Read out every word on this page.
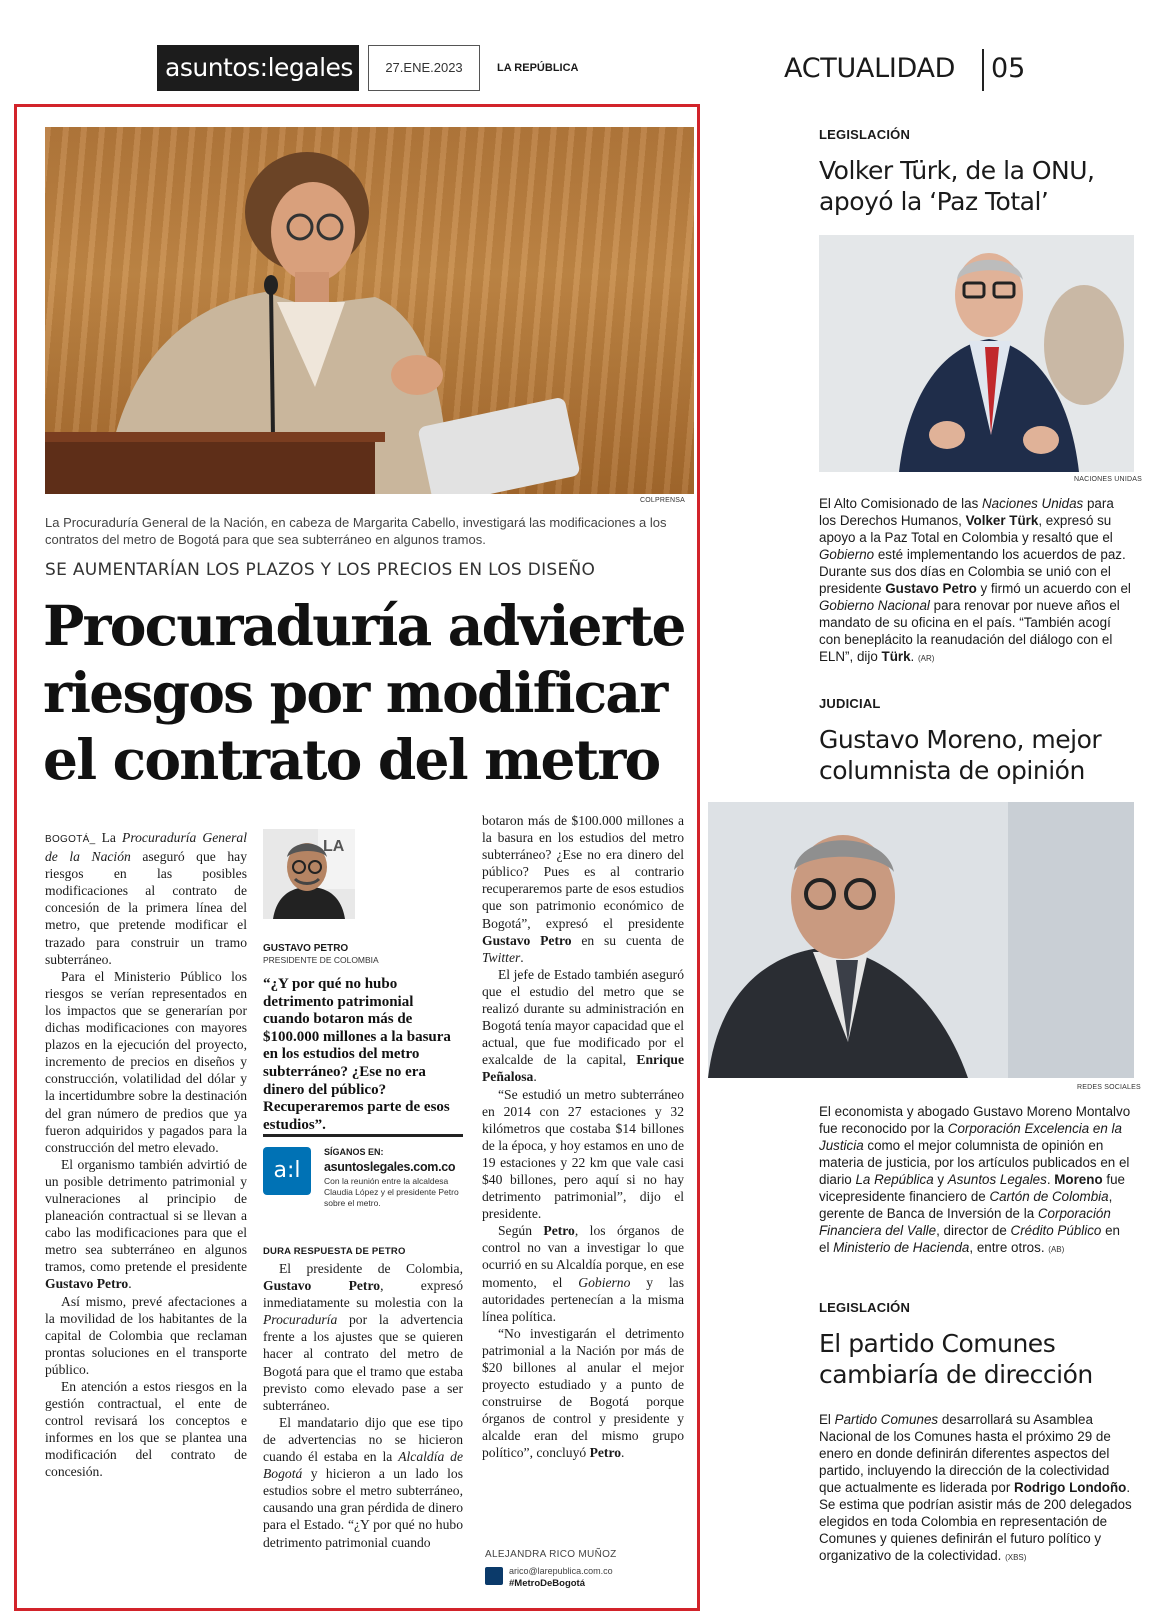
asuntos:legales	27.ENE.2023	LA REPÚBLICA	ACTUALIDAD 05
COLPRENSA
La Procuraduría General de la Nación, en cabeza de Margarita Cabello, investigará las modificaciones a los contratos del metro de Bogotá para que sea subterráneo en algunos tramos.
SE AUMENTARÍAN LOS PLAZOS Y LOS PRECIOS EN LOS DISEÑO
Procuraduría advierte riesgos por modificar el contrato del metro

BOGOTÁ_ La Procuraduría General de la Nación aseguró que hay riesgos en las posibles modificaciones al contrato de concesión de la primera línea del metro, que pretende modificar el trazado para construir un tramo subterráneo.

Para el Ministerio Público los riesgos se verían representados en los impactos que se generarían por dichas modificaciones con mayores plazos en la ejecución del proyecto, incremento de precios en diseños y construcción, volatilidad del dólar y la incertidumbre sobre la destinación del gran número de predios que ya fueron adquiridos y pagados para la construcción del metro elevado.

El organismo también advirtió de un posible detrimento patrimonial y vulneraciones al principio de planeación contractual si se llevan a cabo las modificaciones para que el metro sea subterráneo en algunos tramos, como pretende el presidente Gustavo Petro.

Así mismo, prevé afectaciones a la movilidad de los habitantes de la capital de Colombia que reclaman prontas soluciones en el transporte público.

En atención a estos riesgos en la gestión contractual, el ente de control revisará los conceptos e informes en los que se plantea una modificación del contrato de concesión.

LA
GUSTAVO PETRO
PRESIDENTE DE COLOMBIA
“¿Y por qué no hubo detrimento patrimonial cuando botaron más de $100.000 millones a la basura en los estudios del metro subterráneo? ¿Ese no era dinero del público? Recuperaremos parte de esos estudios”.
a:l
SÍGANOS EN:
asuntoslegales.com.co
Con la reunión entre la alcaldesa Claudia López y el presidente Petro sobre el metro.
DURA RESPUESTA DE PETRO

El presidente de Colombia, Gustavo Petro, expresó inmediatamente su molestia con la Procuraduría por la advertencia frente a los ajustes que se quieren hacer al contrato del metro de Bogotá para que el tramo que estaba previsto como elevado pase a ser subterráneo.

El mandatario dijo que ese tipo de advertencias no se hicieron cuando él estaba en la Alcaldía de Bogotá y hicieron a un lado los estudios sobre el metro subterráneo, causando una gran pérdida de dinero para el Estado. “¿Y por qué no hubo detrimento patrimonial cuando

botaron más de $100.000 millones a la basura en los estudios del metro subterráneo? ¿Ese no era dinero del público? Pues es al contrario recuperaremos parte de esos estudios que son patrimonio económico de Bogotá”, expresó el presidente Gustavo Petro en su cuenta de Twitter.

El jefe de Estado también aseguró que el estudio del metro que se realizó durante su administración en Bogotá tenía mayor capacidad que el actual, que fue modificado por el exalcalde de la capital, Enrique Peñalosa.

“Se estudió un metro subterráneo en 2014 con 27 estaciones y 32 kilómetros que costaba $14 billones de la época, y hoy estamos en uno de 19 estaciones y 22 km que vale casi $40 billones, pero aquí si no hay detrimento patrimonial”, dijo el presidente.

Según Petro, los órganos de control no van a investigar lo que ocurrió en su Alcaldía porque, en ese momento, el Gobierno y las autoridades pertenecían a la misma línea política.

“No investigarán el detrimento patrimonial a la Nación por más de $20 billones al anular el mejor proyecto estudiado y a punto de construirse de Bogotá porque órganos de control y presidente y alcalde eran del mismo grupo político”, concluyó Petro.

ALEJANDRA RICO MUÑOZ
arico@larepublica.com.co
#MetroDeBogotá
LEGISLACIÓN
Volker Türk, de la ONU, apoyó la ‘Paz Total’
NACIONES UNIDAS
El Alto Comisionado de las Naciones Unidas para los Derechos Humanos, Volker Türk, expresó su apoyo a la Paz Total en Colombia y resaltó que el Gobierno esté implementando los acuerdos de paz. Durante sus dos días en Colombia se unió con el presidente Gustavo Petro y firmó un acuerdo con el Gobierno Nacional para renovar por nueve años el mandato de su oficina en el país. “También acogí con beneplácito la reanudación del diálogo con el ELN”, dijo Türk. (AR)
JUDICIAL
Gustavo Moreno, mejor columnista de opinión
REDES SOCIALES
El economista y abogado Gustavo Moreno Montalvo fue reconocido por la Corporación Excelencia en la Justicia como el mejor columnista de opinión en materia de justicia, por los artículos publicados en el diario La República y Asuntos Legales. Moreno fue vicepresidente financiero de Cartón de Colombia, gerente de Banca de Inversión de la Corporación Financiera del Valle, director de Crédito Público en el Ministerio de Hacienda, entre otros. (AB)
LEGISLACIÓN
El partido Comunes cambiaría de dirección
El Partido Comunes desarrollará su Asamblea Nacional de los Comunes hasta el próximo 29 de enero en donde definirán diferentes aspectos del partido, incluyendo la dirección de la colectividad que actualmente es liderada por Rodrigo Londoño. Se estima que podrían asistir más de 200 delegados elegidos en toda Colombia en representación de Comunes y quienes definirán el futuro político y organizativo de la colectividad. (XBS)
